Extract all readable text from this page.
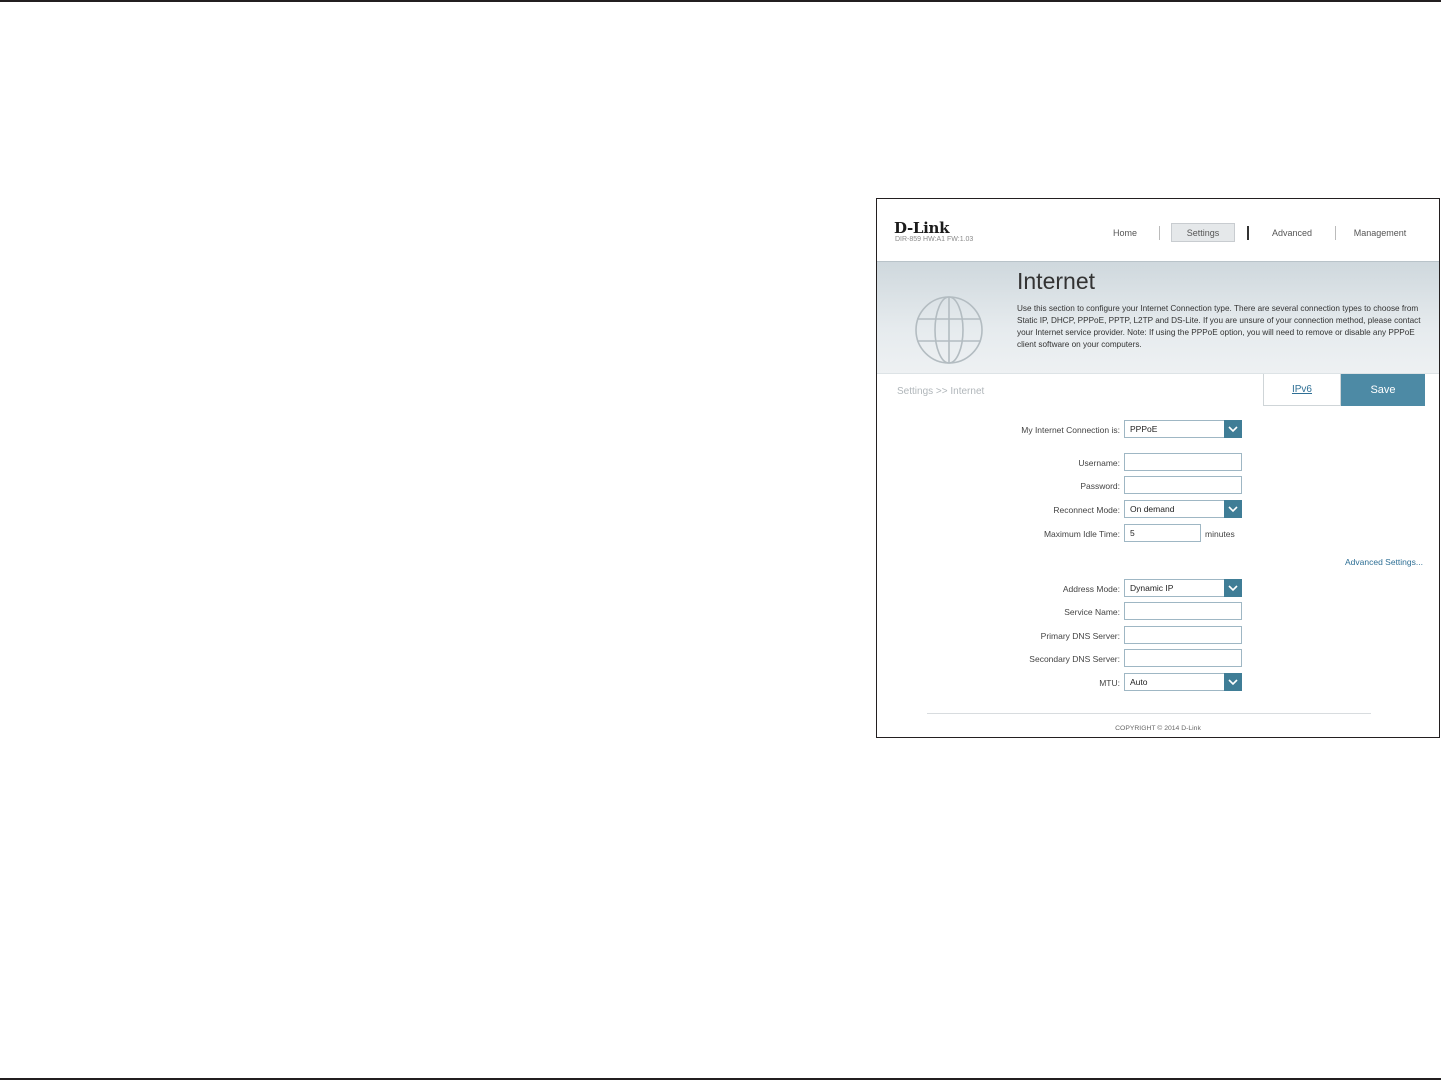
D-Link
DIR-859 HW:A1 FW:1.03
Home	Settings	Advanced	Management
Internet
Use this section to configure your Internet Connection type. There are several connection types to choose from Static IP, DHCP, PPPoE, PPTP, L2TP and DS-Lite. If you are unsure of your connection method, please contact your Internet service provider. Note: If using the PPPoE option, you will need to remove or disable any PPPoE client software on your computers.
Settings >> Internet	IPv6	Save
My Internet Connection is:	PPPoE
Username:
Password:
Reconnect Mode:	On demand
Maximum Idle Time:	5	minutes
Advanced Settings...
Address Mode:	Dynamic IP
Service Name:
Primary DNS Server:
Secondary DNS Server:
MTU:	Auto
COPYRIGHT © 2014 D-Link
